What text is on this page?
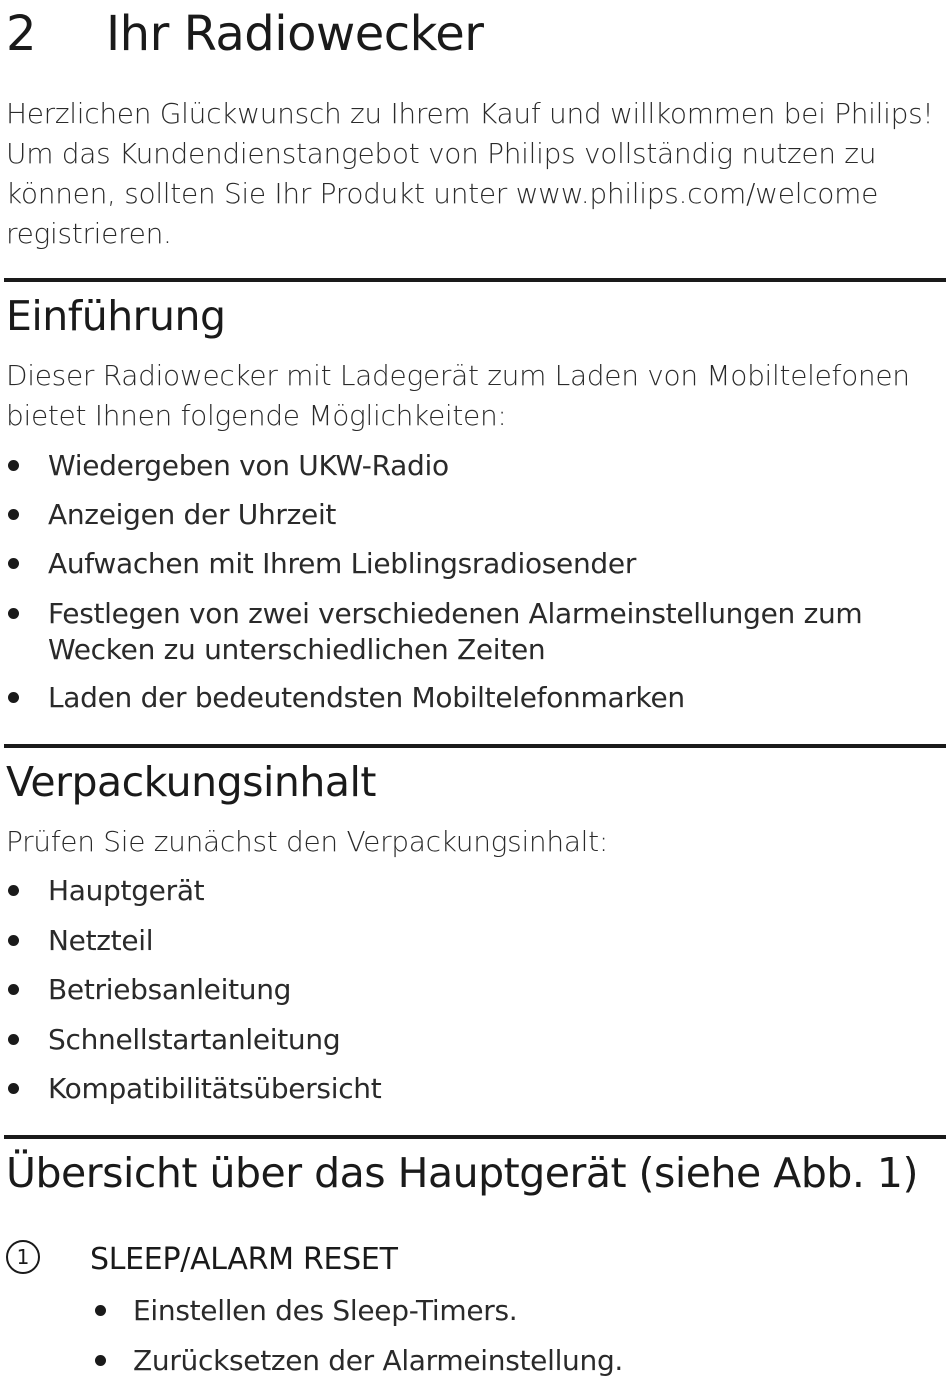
2 Ihr Radiowecker

Herzlichen Glückwunsch zu Ihrem Kauf und willkommen bei Philips! Um das Kundendienstangebot von Philips vollständig nutzen zu können, sollten Sie Ihr Produkt unter www.philips.com/welcome registrieren.

Einführung

Dieser Radiowecker mit Ladegerät zum Laden von Mobiltelefonen bietet Ihnen folgende Möglichkeiten:

Wiedergeben von UKW-Radio
Anzeigen der Uhrzeit
Aufwachen mit Ihrem Lieblingsradiosender
Festlegen von zwei verschiedenen Alarmeinstellungen zum Wecken zu unterschiedlichen Zeiten
Laden der bedeutendsten Mobiltelefonmarken
Verpackungsinhalt

Prüfen Sie zunächst den Verpackungsinhalt:

Hauptgerät
Netzteil
Betriebsanleitung
Schnellstartanleitung
Kompatibilitätsübersicht
Übersicht über das Hauptgerät (siehe Abb. 1)
1	SLEEP/ALARM RESET
Einstellen des Sleep-Timers.
Zurücksetzen der Alarmeinstellung.
